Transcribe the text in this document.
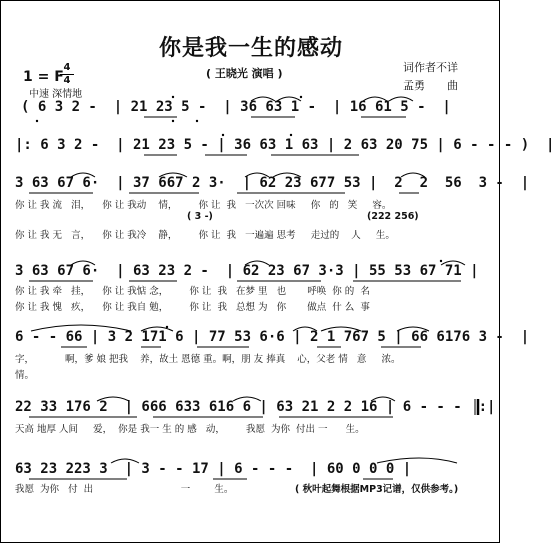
你是我一生的感动
( 王晓光 演唱 )	词作者不详
孟勇　　曲
1 = F
4
4
中速 深情地
( 6 3 2 -  | 21 23 5 -  | 36 63 1 -  | 16 61 5 -  |
|: 6 3 2 -  | 21 23 5 - | 36 63 1 63 | 2 63 20 75 | 6 - - - )  |
3 63 67 6·  | 37 667 2 3·  | 62 23 677 53 |  2  2  56  3 -  |
你 让 我 流   泪，    你 让 我动    情，       你 让  我   一次次 回味     你   的   笑     容。
( 3 -)	(222 256)
你 让 我 无   言，    你 让 我冷    静，       你 让  我   一遍遍 思考     走过的    人     生。
3 63 67 6·  | 63 23 2 -  | 62 23 67 3·3 | 55 53 67 71 |
你 让 我 牵   挂，    你 让 我惦 念，       你 让  我   在梦 里   也       呼唤  你 的  名
你 让 我 愧   疚，    你 让 我自 勉，       你 让  我   总想 为   你       做点  什 么  事
6 - - 66 | 3 2 171 6 | 77 53 6·6 | 2 1 767 5 | 66 6176 3 -  |
字，	啊，爹 娘 把我    养，故土 恩德 重。啊，朋 友 捧真    心，父老 情   意     浓。
情。
22 33 176 2  | 666 633 616 6 | 63 21 2 2 16 | 6 - - -  :|
天高 地厚 人间     爱，  你是 我一 生 的 感   动，       我愿  为你  付出 一      生。
63 23 223 3  | 3 - - 17 | 6 - - -  | 60 0 0 0 |
我愿  为你   付  出                             一        生。	( 秋叶起舞根据MP3记谱，仅供参考。)
